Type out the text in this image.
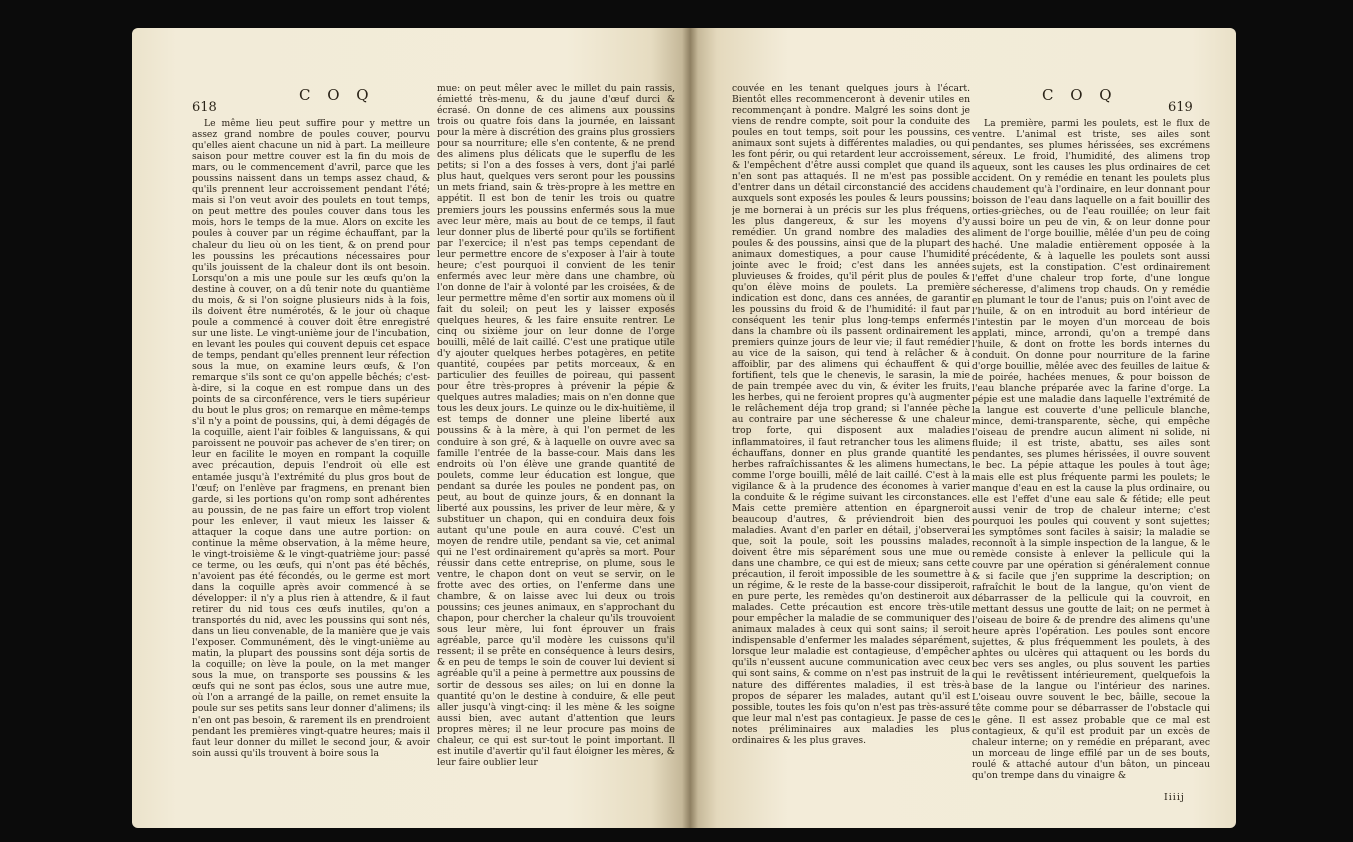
618
C O Q

Le même lieu peut suffire pour y mettre un assez grand nombre de poules couver, pourvu qu'elles aient chacune un nid à part. La meilleure saison pour mettre couver est la fin du mois de mars, ou le commencement d'avril, parce que les poussins naissent dans un temps assez chaud, & qu'ils prennent leur accroissement pendant l'été; mais si l'on veut avoir des poulets en tout temps, on peut mettre des poules couver dans tous les mois, hors le temps de la mue. Alors on excite les poules à couver par un régime échauffant, par la chaleur du lieu où on les tient, & on prend pour les poussins les précautions nécessaires pour qu'ils jouissent de la chaleur dont ils ont besoin. Lorsqu'on a mis une poule sur les œufs qu'on la destine à couver, on a dû tenir note du quantième du mois, & si l'on soigne plusieurs nids à la fois, ils doivent être numérotés, & le jour où chaque poule a commencé à couver doit être enregistré sur une liste. Le vingt-unième jour de l'incubation, en levant les poules qui couvent depuis cet espace de temps, pendant qu'elles prennent leur réfection sous la mue, on examine leurs œufs, & l'on remarque s'ils sont ce qu'on appelle bêchés; c'est-à-dire, si la coque en est rompue dans un des points de sa circonférence, vers le tiers supérieur du bout le plus gros; on remarque en même-temps s'il n'y a point de poussins, qui, à demi dégagés de la coquille, aient l'air foibles & languissans, & qui paroissent ne pouvoir pas achever de s'en tirer; on leur en facilite le moyen en rompant la coquille avec précaution, depuis l'endroit où elle est entamée jusqu'à l'extrémité du plus gros bout de l'œuf; on l'enlève par fragmens, en prenant bien garde, si les portions qu'on romp sont adhérentes au poussin, de ne pas faire un effort trop violent pour les enlever, il vaut mieux les laisser & attaquer la coque dans une autre portion: on continue la même observation, à la même heure, le vingt-troisième & le vingt-quatrième jour: passé ce terme, ou les œufs, qui n'ont pas été bêchés, n'avoient pas été fécondés, ou le germe est mort dans la coquille après avoir commencé à se développer: il n'y a plus rien à attendre, & il faut retirer du nid tous ces œufs inutiles, qu'on a transportés du nid, avec les poussins qui sont nés, dans un lieu convenable, de la manière que je vais l'exposer. Communément, dès le vingt-unième au matin, la plupart des poussins sont déja sortis de la coquille; on lève la poule, on la met manger sous la mue, on transporte ses poussins & les œufs qui ne sont pas éclos, sous une autre mue, où l'on a arrangé de la paille, on remet ensuite la poule sur ses petits sans leur donner d'alimens; ils n'en ont pas besoin, & rarement ils en prendroient pendant les premières vingt-quatre heures; mais il faut leur donner du millet le second jour, & avoir soin aussi qu'ils trouvent à boire sous la

mue: on peut mêler avec le millet du pain rassis, émietté très-menu, & du jaune d'œuf durci & écrasé. On donne de ces alimens aux poussins trois ou quatre fois dans la journée, en laissant pour la mère à discrétion des grains plus grossiers pour sa nourriture; elle s'en contente, & ne prend des alimens plus délicats que le superflu de les petits; si l'on a des fosses à vers, dont j'ai parlé plus haut, quelques vers seront pour les poussins un mets friand, sain & très-propre à les mettre en appétit. Il est bon de tenir les trois ou quatre premiers jours les poussins enfermés sous la mue avec leur mère, mais au bout de ce temps, il faut leur donner plus de liberté pour qu'ils se fortifient par l'exercice; il n'est pas temps cependant de leur permettre encore de s'exposer à l'air à toute heure; c'est pourquoi il convient de les tenir enfermés avec leur mère dans une chambre, où l'on donne de l'air à volonté par les croisées, & de leur permettre même d'en sortir aux momens où il fait du soleil; on peut les y laisser exposés quelques heures, & les faire ensuite rentrer. Le cinq ou sixième jour on leur donne de l'orge bouilli, mêlé de lait caillé. C'est une pratique utile d'y ajouter quelques herbes potagères, en petite quantité, coupées par petits morceaux, & en particulier des feuilles de poireau, qui passent pour être très-propres à prévenir la pépie & quelques autres maladies; mais on n'en donne que tous les deux jours. Le quinze ou le dix-huitième, il est temps de donner une pleine liberté aux poussins & à la mère, à qui l'on permet de les conduire à son gré, & à laquelle on ouvre avec sa famille l'entrée de la basse-cour. Mais dans les endroits où l'on élève une grande quantité de poulets, comme leur éducation est longue, que pendant sa durée les poules ne pondent pas, on peut, au bout de quinze jours, & en donnant la liberté aux poussins, les priver de leur mère, & y substituer un chapon, qui en conduira deux fois autant qu'une poule en aura couvé. C'est un moyen de rendre utile, pendant sa vie, cet animal qui ne l'est ordinairement qu'après sa mort. Pour réussir dans cette entreprise, on plume, sous le ventre, le chapon dont on veut se servir, on le frotte avec des orties, on l'enferme dans une chambre, & on laisse avec lui deux ou trois poussins; ces jeunes animaux, en s'approchant du chapon, pour chercher la chaleur qu'ils trouvoient sous leur mère, lui font éprouver un frais agréable, parce qu'il modère les cuissons qu'il ressent; il se prête en conséquence à leurs desirs, & en peu de temps le soin de couver lui devient si agréable qu'il a peine à permettre aux poussins de sortir de dessous ses ailes; on lui en donne la quantité qu'on le destine à conduire, & elle peut aller jusqu'à vingt-cinq: il les mène & les soigne aussi bien, avec autant d'attention que leurs propres mères; il ne leur procure pas moins de chaleur, ce qui est sur-tout le point important. Il est inutile d'avertir qu'il faut éloigner les mères, & leur faire oublier leur

C O Q
619

couvée en les tenant quelques jours à l'écart. Bientôt elles recommenceront à devenir utiles en recommençant à pondre. Malgré les soins dont je viens de rendre compte, soit pour la conduite des poules en tout temps, soit pour les poussins, ces animaux sont sujets à différentes maladies, ou qui les font périr, ou qui retardent leur accroissement, & l'empêchent d'être aussi complet que quand ils n'en sont pas attaqués. Il ne m'est pas possible d'entrer dans un détail circonstancié des accidens auxquels sont exposés les poules & leurs poussins; je me bornerai à un précis sur les plus fréquens, les plus dangereux, & sur les moyens d'y remédier. Un grand nombre des maladies des poules & des poussins, ainsi que de la plupart des animaux domestiques, a pour cause l'humidité jointe avec le froid; c'est dans les années pluvieuses & froides, qu'il périt plus de poules & qu'on élève moins de poulets. La première indication est donc, dans ces années, de garantir les poussins du froid & de l'humidité: il faut par conséquent les tenir plus long-temps enfermés dans la chambre où ils passent ordinairement les premiers quinze jours de leur vie; il faut remédier au vice de la saison, qui tend à relâcher & à affoiblir, par des alimens qui échauffent & qui fortifient, tels que le chenevis, le sarasin, la mie de pain trempée avec du vin, & éviter les fruits, les herbes, qui ne feroient propres qu'à augmenter le relâchement déja trop grand; si l'année pèche au contraire par une sécheresse & une chaleur trop forte, qui disposent aux maladies inflammatoires, il faut retrancher tous les alimens échauffans, donner en plus grande quantité les herbes rafraîchissantes & les alimens humectans, comme l'orge bouilli, mêlé de lait caillé. C'est à la vigilance & à la prudence des économes à varier la conduite & le régime suivant les circonstances. Mais cette première attention en épargneroit beaucoup d'autres, & préviendroit bien des maladies. Avant d'en parler en détail, j'observerai que, soit la poule, soit les poussins malades, doivent être mis séparément sous une mue ou dans une chambre, ce qui est de mieux; sans cette précaution, il feroit impossible de les soumettre à un régime, & le reste de la basse-cour dissiperoit, en pure perte, les remèdes qu'on destineroit aux malades. Cette précaution est encore très-utile pour empêcher la maladie de se communiquer des animaux malades à ceux qui sont sains; il seroit indispensable d'enfermer les malades séparément, lorsque leur maladie est contagieuse, d'empêcher qu'ils n'eussent aucune communication avec ceux qui sont sains, & comme on n'est pas instruit de la nature des différentes maladies, il est très-à propos de séparer les malades, autant qu'il est possible, toutes les fois qu'on n'est pas très-assuré que leur mal n'est pas contagieux. Je passe de ces notes préliminaires aux maladies les plus ordinaires & les plus graves.

La première, parmi les poulets, est le flux de ventre. L'animal est triste, ses ailes sont pendantes, ses plumes hérissées, ses excrémens séreux. Le froid, l'humidité, des alimens trop aqueux, sont les causes les plus ordinaires de cet accident. On y remédie en tenant les poulets plus chaudement qu'à l'ordinaire, en leur donnant pour boisson de l'eau dans laquelle on a fait bouillir des orties-grièches, ou de l'eau rouillée; on leur fait aussi boire un peu de vin, & on leur donne pour aliment de l'orge bouillie, mêlée d'un peu de coing haché. Une maladie entièrement opposée à la précédente, & à laquelle les poulets sont aussi sujets, est la constipation. C'est ordinairement l'effet d'une chaleur trop forte, d'une longue sécheresse, d'alimens trop chauds. On y remédie en plumant le tour de l'anus; puis on l'oint avec de l'huile, & on en introduit au bord intérieur de l'intestin par le moyen d'un morceau de bois applati, mince, arrondi, qu'on a trempé dans l'huile, & dont on frotte les bords internes du conduit. On donne pour nourriture de la farine d'orge bouillie, mêlée avec des feuilles de laitue & de poirée, hachées menues, & pour boisson de l'eau blanche préparée avec la farine d'orge. La pépie est une maladie dans laquelle l'extrémité de la langue est couverte d'une pellicule blanche, mince, demi-transparente, sèche, qui empêche l'oiseau de prendre aucun aliment ni solide, ni fluide; il est triste, abattu, ses ailes sont pendantes, ses plumes hérissées, il ouvre souvent le bec. La pépie attaque les poules à tout âge; mais elle est plus fréquente parmi les poulets; le manque d'eau en est la cause la plus ordinaire, ou elle est l'effet d'une eau sale & fétide; elle peut aussi venir de trop de chaleur interne; c'est pourquoi les poules qui couvent y sont sujettes; les symptômes sont faciles à saisir; la maladie se reconnoît à la simple inspection de la langue, & le remède consiste à enlever la pellicule qui la couvre par une opération si généralement connue & si facile que j'en supprime la description; on rafraîchit le bout de la langue, qu'on vient de débarrasser de la pellicule qui la couvroit, en mettant dessus une goutte de lait; on ne permet à l'oiseau de boire & de prendre des alimens qu'une heure après l'opération. Les poules sont encore sujettes, & plus fréquemment les poulets, à des aphtes ou ulcères qui attaquent ou les bords du bec vers ses angles, ou plus souvent les parties qui le revêtissent intérieurement, quelquefois la base de la langue ou l'intérieur des narines. L'oiseau ouvre souvent le bec, bâille, secoue la tête comme pour se débarrasser de l'obstacle qui le gêne. Il est assez probable que ce mal est contagieux, & qu'il est produit par un excès de chaleur interne; on y remédie en préparant, avec un morceau de linge effilé par un de ses bouts, roulé & attaché autour d'un bâton, un pinceau qu'on trempe dans du vinaigre &

Iiiij
